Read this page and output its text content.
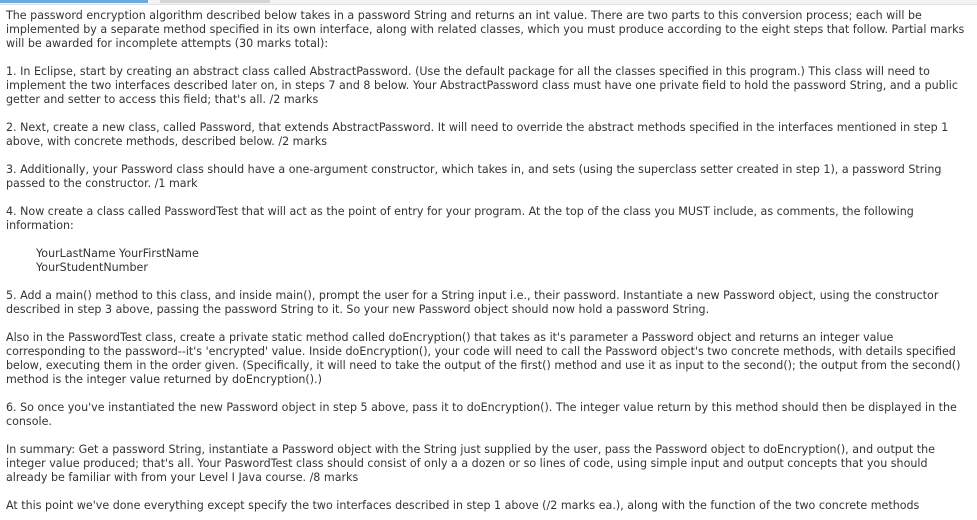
The password encryption algorithm described below takes in a password String and returns an int value. There are two parts to this conversion process; each will be implemented by a separate method specified in its own interface, along with related classes, which you must produce according to the eight steps that follow. Partial marks will be awarded for incomplete attempts (30 marks total):

1. In Eclipse, start by creating an abstract class called AbstractPassword. (Use the default package for all the classes specified in this program.) This class will need to implement the two interfaces described later on, in steps 7 and 8 below. Your AbstractPassword class must have one private field to hold the password String, and a public getter and setter to access this field; that's all. /2 marks

2. Next, create a new class, called Password, that extends AbstractPassword. It will need to override the abstract methods specified in the interfaces mentioned in step 1 above, with concrete methods, described below. /2 marks

3. Additionally, your Password class should have a one-argument constructor, which takes in, and sets (using the superclass setter created in step 1), a password String passed to the constructor. /1 mark

4. Now create a class called PasswordTest that will act as the point of entry for your program. At the top of the class you MUST include, as comments, the following information:

YourLastName YourFirstName
YourStudentNumber

5. Add a main() method to this class, and inside main(), prompt the user for a String input i.e., their password. Instantiate a new Password object, using the constructor described in step 3 above, passing the password String to it. So your new Password object should now hold a password String.

Also in the PasswordTest class, create a private static method called doEncryption() that takes as it's parameter a Password object and returns an integer value corresponding to the password--it's 'encrypted' value. Inside doEncryption(), your code will need to call the Password object's two concrete methods, with details specified below, executing them in the order given. (Specifically, it will need to take the output of the first() method and use it as input to the second(); the output from the second() method is the integer value returned by doEncryption().)

6. So once you've instantiated the new Password object in step 5 above, pass it to doEncryption(). The integer value return by this method should then be displayed in the console.

In summary: Get a password String, instantiate a Password object with the String just supplied by the user, pass the Password object to doEncryption(), and output the integer value produced; that's all. Your PaswordTest class should consist of only a a dozen or so lines of code, using simple input and output concepts that you should already be familiar with from your Level I Java course. /8 marks

At this point we've done everything except specify the two interfaces described in step 1 above (/2 marks ea.), along with the function of the two concrete methods
